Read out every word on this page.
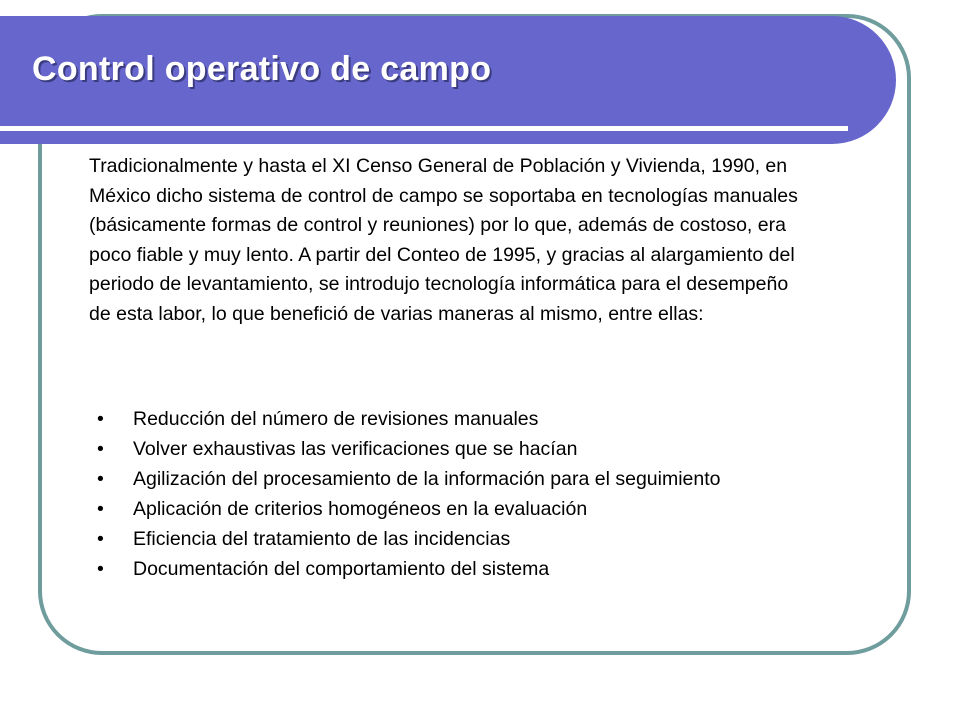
Control operativo de campo

Tradicionalmente y hasta el XI Censo General de Población y Vivienda, 1990, en México dicho sistema de control de campo se soportaba en tecnologías manuales (básicamente formas de control y reuniones) por lo que, además de costoso, era poco fiable y muy lento. A partir del Conteo de 1995, y gracias al alargamiento del periodo de levantamiento, se introdujo tecnología informática para el desempeño de esta labor, lo que benefició de varias maneras al mismo, entre ellas:

• Reducción del número de revisiones manuales
• Volver exhaustivas las verificaciones que se hacían
• Agilización del procesamiento de la información para el seguimiento
• Aplicación de criterios homogéneos en la evaluación
• Eficiencia del tratamiento de las incidencias
• Documentación del comportamiento del sistema
